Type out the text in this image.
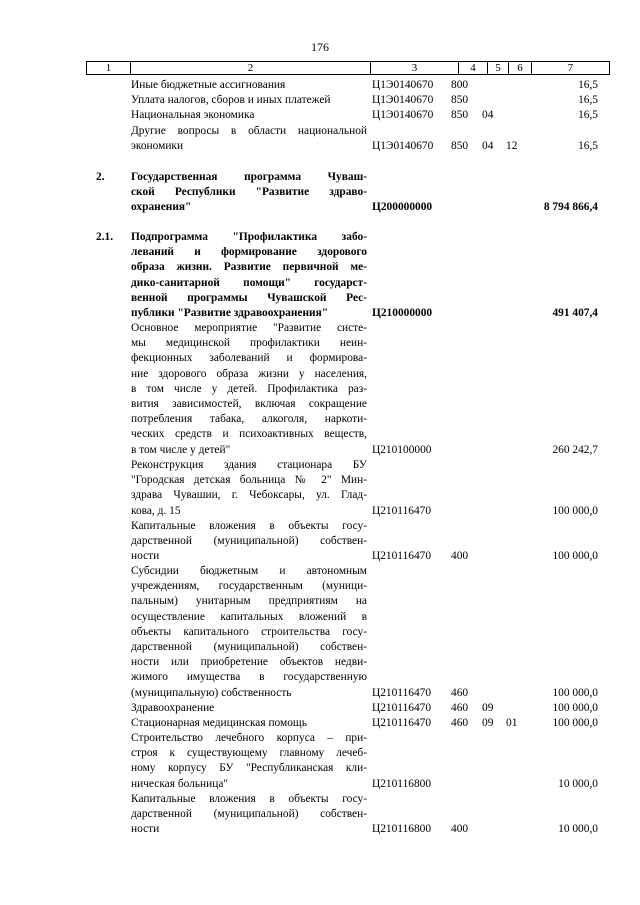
176
1	2	3	4	5	6	7
Иные бюджетные ассигнования	Ц1Э0140670 800	16,5
Уплата налогов, сборов и иных платежей	Ц1Э0140670 850	16,5
Национальная экономика	Ц1Э0140670 850 04	16,5
Другие вопросы в области национальной
экономики	Ц1Э0140670 850 04 12	16,5
2. Государственная программа Чуваш-
ской Республики "Развитие здраво-
охранения"	Ц200000000	8 794 866,4
2.1. Подпрограмма "Профилактика забо-
леваний и формирование здорового
образа жизни. Развитие первичной ме-
дико-санитарной помощи" государст-
венной программы Чувашской Рес-
публики "Развитие здравоохранения"	Ц210000000	491 407,4
Основное мероприятие "Развитие систе-
мы медицинской профилактики неин-
фекционных заболеваний и формирова-
ние здорового образа жизни у населения,
в том числе у детей. Профилактика раз-
вития зависимостей, включая сокращение
потребления табака, алкоголя, наркоти-
ческих средств и психоактивных веществ,
в том числе у детей"	Ц210100000	260 242,7
Реконструкция здания стационара БУ
"Городская детская больница № 2" Мин-
здрава Чувашии, г. Чебоксары, ул. Глад-
кова, д. 15	Ц210116470	100 000,0
Капитальные вложения в объекты госу-
дарственной (муниципальной) собствен-
ности	Ц210116470 400	100 000,0
Субсидии бюджетным и автономным
учреждениям, государственным (муници-
пальным) унитарным предприятиям на
осуществление капитальных вложений в
объекты капитального строительства госу-
дарственной (муниципальной) собствен-
ности или приобретение объектов недви-
жимого имущества в государственную
(муниципальную) собственность	Ц210116470 460	100 000,0
Здравоохранение	Ц210116470 460 09	100 000,0
Стационарная медицинская помощь	Ц210116470 460 09 01	100 000,0
Строительство лечебного корпуса – при-
строя к существующему главному лечеб-
ному корпусу БУ "Республиканская кли-
ническая больница"	Ц210116800	10 000,0
Капитальные вложения в объекты госу-
дарственной (муниципальной) собствен-
ности	Ц210116800 400	10 000,0
